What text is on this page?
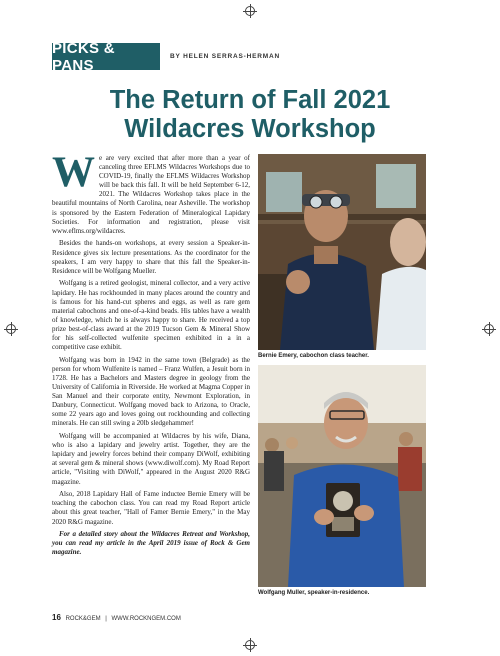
PICKS & PANS	BY HELEN SERRAS-HERMAN
The Return of Fall 2021
Wildacres Workshop

We are very excited that after more than a year of canceling three EFLMS Wildacres Workshops due to COVID-19, finally the EFLMS Wildacres Workshop will be back this fall. It will be held September 6-12, 2021. The Wildacres Workshop takes place in the beautiful mountains of North Carolina, near Asheville. The workshop is sponsored by the Eastern Federation of Mineralogical Lapidary Societies. For information and registration, please visit www.eflms.org/wildacres.

Besides the hands-on workshops, at every session a Speaker-in-Residence gives six lecture presentations. As the coordinator for the speakers, I am very happy to share that this fall the Speaker-in-Residence will be Wolfgang Mueller.

Wolfgang is a retired geologist, mineral collector, and a very active lapidary. He has rockhounded in many places around the country and is famous for his hand-cut spheres and eggs, as well as rare gem material cabochons and one-of-a-kind beads. His tables have a wealth of knowledge, which he is always happy to share. He received a top prize best-of-class award at the 2019 Tucson Gem & Mineral Show for his self-collected wulfenite specimen exhibited in a in a competitive case exhibit.

Wolfgang was born in 1942 in the same town (Belgrade) as the person for whom Wulfenite is named – Franz Wulfen, a Jesuit born in 1728. He has a Bachelors and Masters degree in geology from the University of California in Riverside. He worked at Magma Copper in San Manuel and their corporate entity, Newmont Exploration, in Danbury, Connecticut. Wolfgang moved back to Arizona, to Oracle, some 22 years ago and loves going out rockhounding and collecting minerals. He can still swing a 20lb sledgehammer!

Wolfgang will be accompanied at Wildacres by his wife, Diana, who is also a lapidary and jewelry artist. Together, they are the lapidary and jewelry forces behind their company DiWolf, exhibiting at several gem & mineral shows (www.diwolf.com). My Road Report article, "Visiting with DiWolf," appeared in the August 2020 R&G magazine.

Also, 2018 Lapidary Hall of Fame inductee Bernie Emery will be teaching the cabochon class. You can read my Road Report article about this great teacher, "Hall of Famer Bernie Emery," in the May 2020 R&G magazine.

For a detailed story about the Wildacres Retreat and Workshop, you can read my article in the April 2019 issue of Rock & Gem magazine.

Bernie Emery, cabochon class teacher.
Wolfgang Muller, speaker-in-residence.
16 ROCK&GEM | WWW.ROCKNGEM.COM
